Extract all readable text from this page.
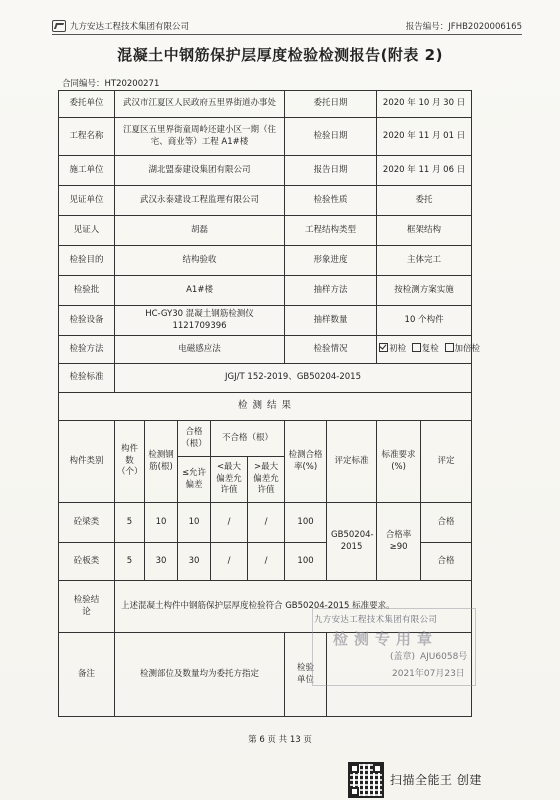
九方安达工程技术集团有限公司	报告编号：JFHB2020006165
混凝土中钢筋保护层厚度检验检测报告(附表 2)
合同编号：HT20200271
委托单位	武汉市江夏区人民政府五里界街道办事处					委托日期		2020 年 10 月 30 日	
工程名称	江夏区五里界街童周岭还建小区一期（住宅、商业等）工程 A1#楼					检验日期		2020 年 11 月 01 日	
施工单位	湖北盟泰建设集团有限公司					报告日期		2020 年 11 月 06 日	
见证单位	武汉永泰建设工程监理有限公司					检验性质		委托	
见证人	胡磊					工程结构类型		框架结构	
检验目的	结构验收					形象进度		主体完工	
检验批	A1#楼					抽样方法		按检测方案实施	
检验设备	HC-GY30 混凝土钢筋检测仪 1121709396					抽样数量		10 个构件	
检验方法	电磁感应法					检验情况		初检 复检 加倍检	
检验标准	JGJ/T 152-2019、GB50204-2015								
检 测 结 果									
构件类别	构件数（个）	检测钢筋(根)	合格（根）	不合格（根）		检测合格率(%)	评定标准	标准要求(%)	评定
			≤允许偏差	<最大偏差允许值	>最大偏差允许值				
砼梁类	5	10	10	/	/	100	GB50204-2015	合格率≥90	合格
砼板类	5	30	30	/	/	100			合格
检验结论	上述混凝土构件中钢筋保护层厚度检验符合 GB50204-2015 标准要求。								
备注	检测部位及数量均为委托方指定					检验单位			
九方安达工程技术集团有限公司
检测专用章
(盖章) AJU6058号
2021年07月23日
第 6 页 共 13 页
扫描全能王 创建
